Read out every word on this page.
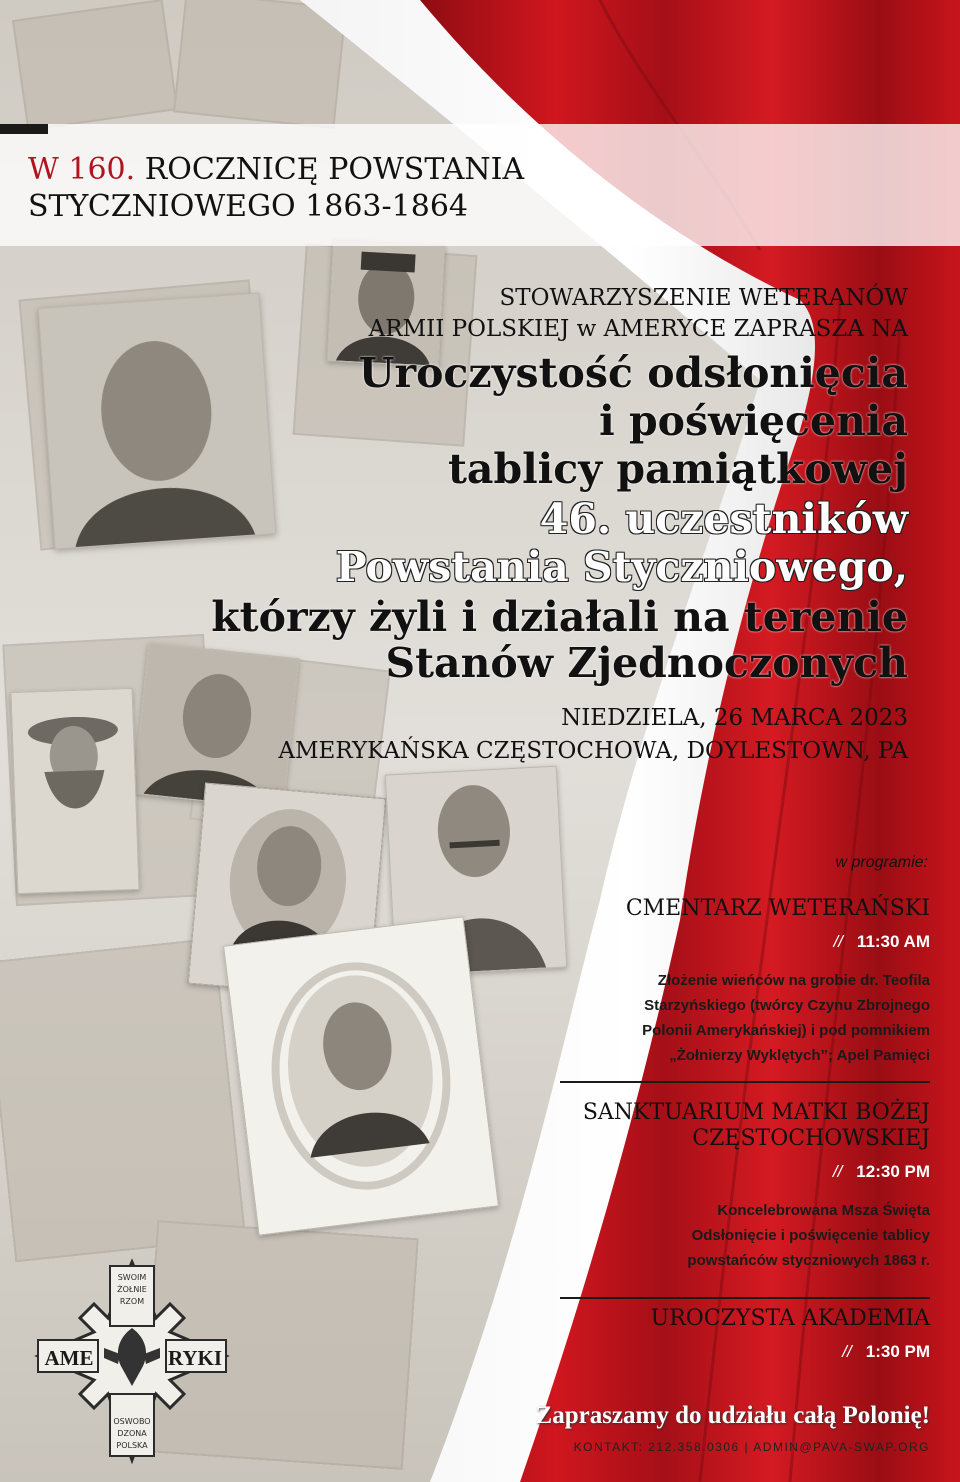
W 160. ROCZNICĘ POWSTANIA
STYCZNIOWEGO 1863-1864
STOWARZYSZENIE WETERANÓW
ARMII POLSKIEJ w AMERYCE ZAPRASZA NA
Uroczystość odsłonięcia
i poświęcenia
tablicy pamiątkowej
46. uczestników
Powstania Styczniowego,
którzy żyli i działali na terenie
Stanów Zjednoczonych
NIEDZIELA, 26 MARCA 2023
AMERYKAŃSKA CZĘSTOCHOWA, DOYLESTOWN, PA
w programie:
CMENTARZ WETERAŃSKI
// 11:30 AM
Złożenie wieńców na grobie dr. Teofila
Starzyńskiego (twórcy Czynu Zbrojnego
Polonii Amerykańskiej) i pod pomnikiem
„Żołnierzy Wyklętych”; Apel Pamięci
SANKTUARIUM MATKI BOŻEJ
CZĘSTOCHOWSKIEJ
// 12:30 PM
Koncelebrowana Msza Święta
Odsłonięcie i poświęcenie tablicy
powstańców styczniowych 1863 r.
UROCZYSTA AKADEMIA
// 1:30 PM
Zapraszamy do udziału całą Polonię!
KONTAKT: 212.358.0306 | ADMIN@PAVA-SWAP.ORG
SWOIM
ŻOŁNIE
RZOM
OSWOBO
DZONA
POLSKA
AME	RYKI
